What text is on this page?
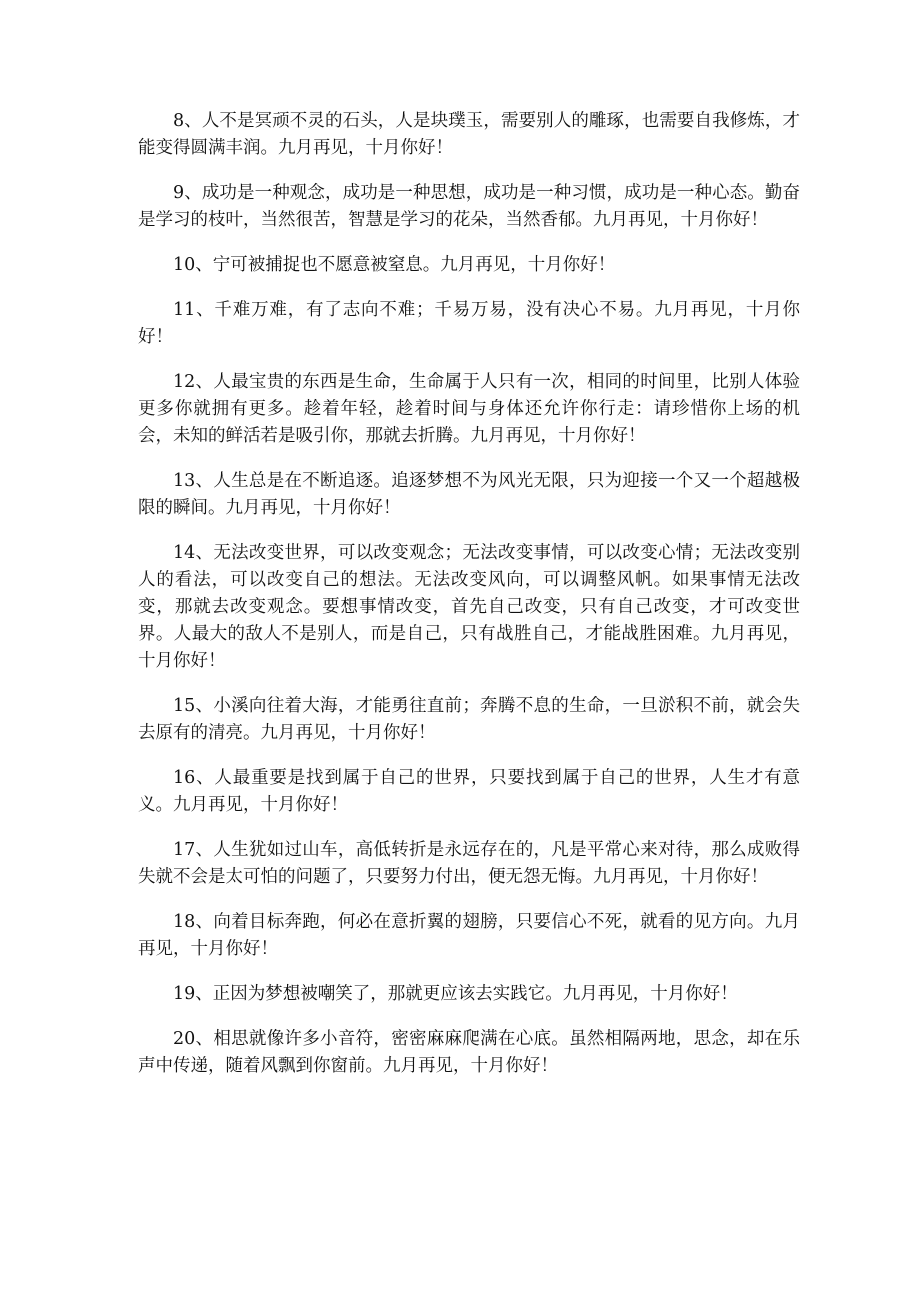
8、人不是冥顽不灵的石头，人是块璞玉，需要别人的雕琢，也需要自我修炼，才能变得圆满丰润。九月再见，十月你好！

9、成功是一种观念，成功是一种思想，成功是一种习惯，成功是一种心态。勤奋是学习的枝叶，当然很苦，智慧是学习的花朵，当然香郁。九月再见，十月你好！

10、宁可被捕捉也不愿意被窒息。九月再见，十月你好！

11、千难万难，有了志向不难；千易万易，没有决心不易。九月再见，十月你好！

12、人最宝贵的东西是生命，生命属于人只有一次，相同的时间里，比别人体验更多你就拥有更多。趁着年轻，趁着时间与身体还允许你行走：请珍惜你上场的机会，未知的鲜活若是吸引你，那就去折腾。九月再见，十月你好！

13、人生总是在不断追逐。追逐梦想不为风光无限，只为迎接一个又一个超越极限的瞬间。九月再见，十月你好！

14、无法改变世界，可以改变观念；无法改变事情，可以改变心情；无法改变别人的看法，可以改变自己的想法。无法改变风向，可以调整风帆。如果事情无法改变，那就去改变观念。要想事情改变，首先自己改变，只有自己改变，才可改变世界。人最大的敌人不是别人，而是自己，只有战胜自己，才能战胜困难。九月再见，十月你好！

15、小溪向往着大海，才能勇往直前；奔腾不息的生命，一旦淤积不前，就会失去原有的清亮。九月再见，十月你好！

16、人最重要是找到属于自己的世界，只要找到属于自己的世界，人生才有意义。九月再见，十月你好！

17、人生犹如过山车，高低转折是永远存在的，凡是平常心来对待，那么成败得失就不会是太可怕的问题了，只要努力付出，便无怨无悔。九月再见，十月你好！

18、向着目标奔跑，何必在意折翼的翅膀，只要信心不死，就看的见方向。九月再见，十月你好！

19、正因为梦想被嘲笑了，那就更应该去实践它。九月再见，十月你好！

20、相思就像许多小音符，密密麻麻爬满在心底。虽然相隔两地，思念，却在乐声中传递，随着风飘到你窗前。九月再见，十月你好！
